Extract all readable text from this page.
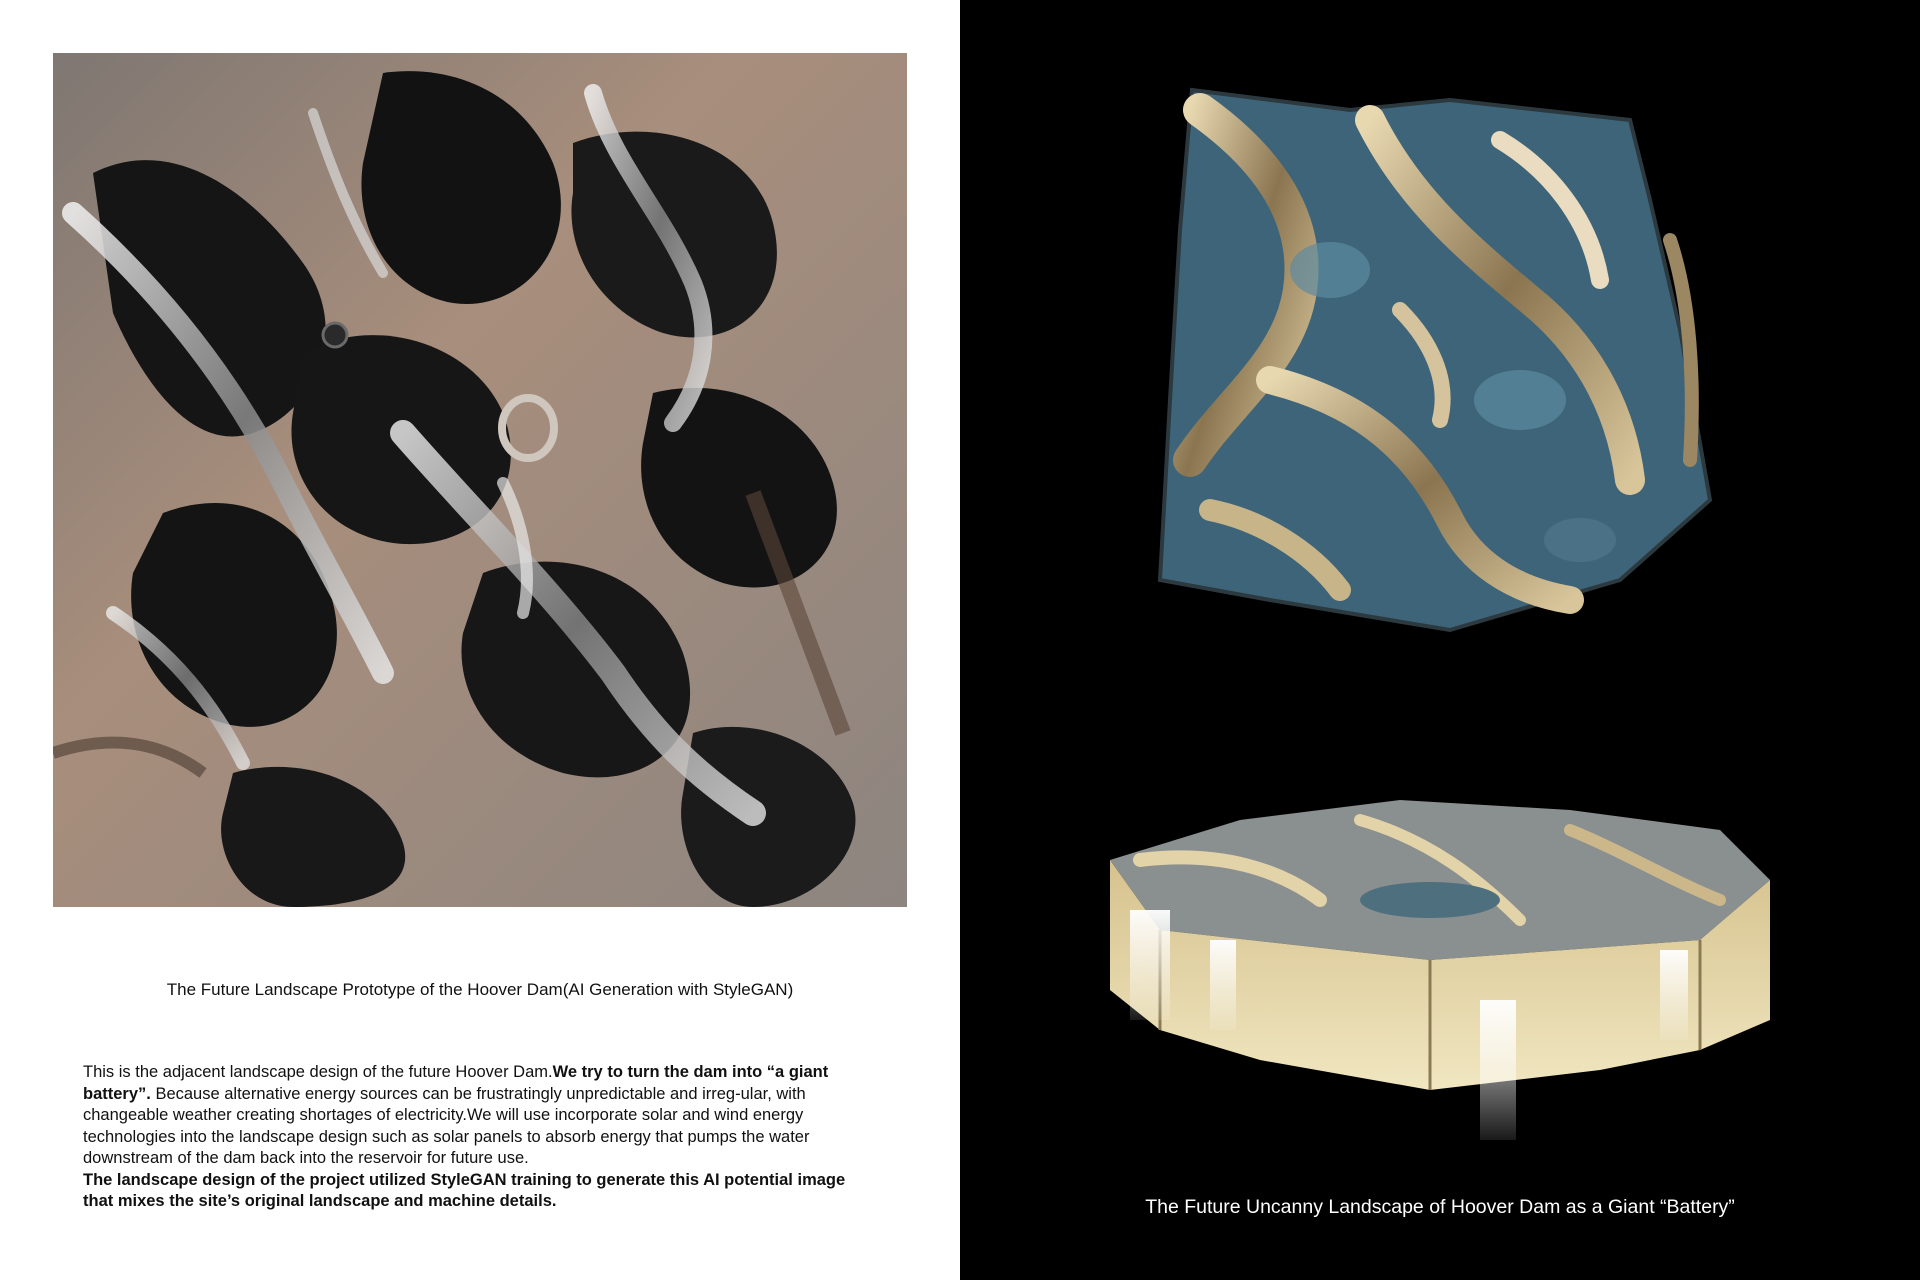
The Future Landscape Prototype of the Hoover Dam(AI Generation with StyleGAN)
This is the adjacent landscape design of the future Hoover Dam.We try to turn the dam into “a giant battery”. Because alternative energy sources can be frustratingly unpredictable and irreg-ular, with changeable weather creating shortages of electricity.We will use incorporate solar and wind energy technologies into the landscape design such as solar panels to absorb energy that pumps the water downstream of the dam back into the reservoir for future use.
The landscape design of the project utilized StyleGAN training to generate this AI potential image that mixes the site’s original landscape and machine details.	The Future Uncanny Landscape of Hoover Dam as a Giant “Battery”
